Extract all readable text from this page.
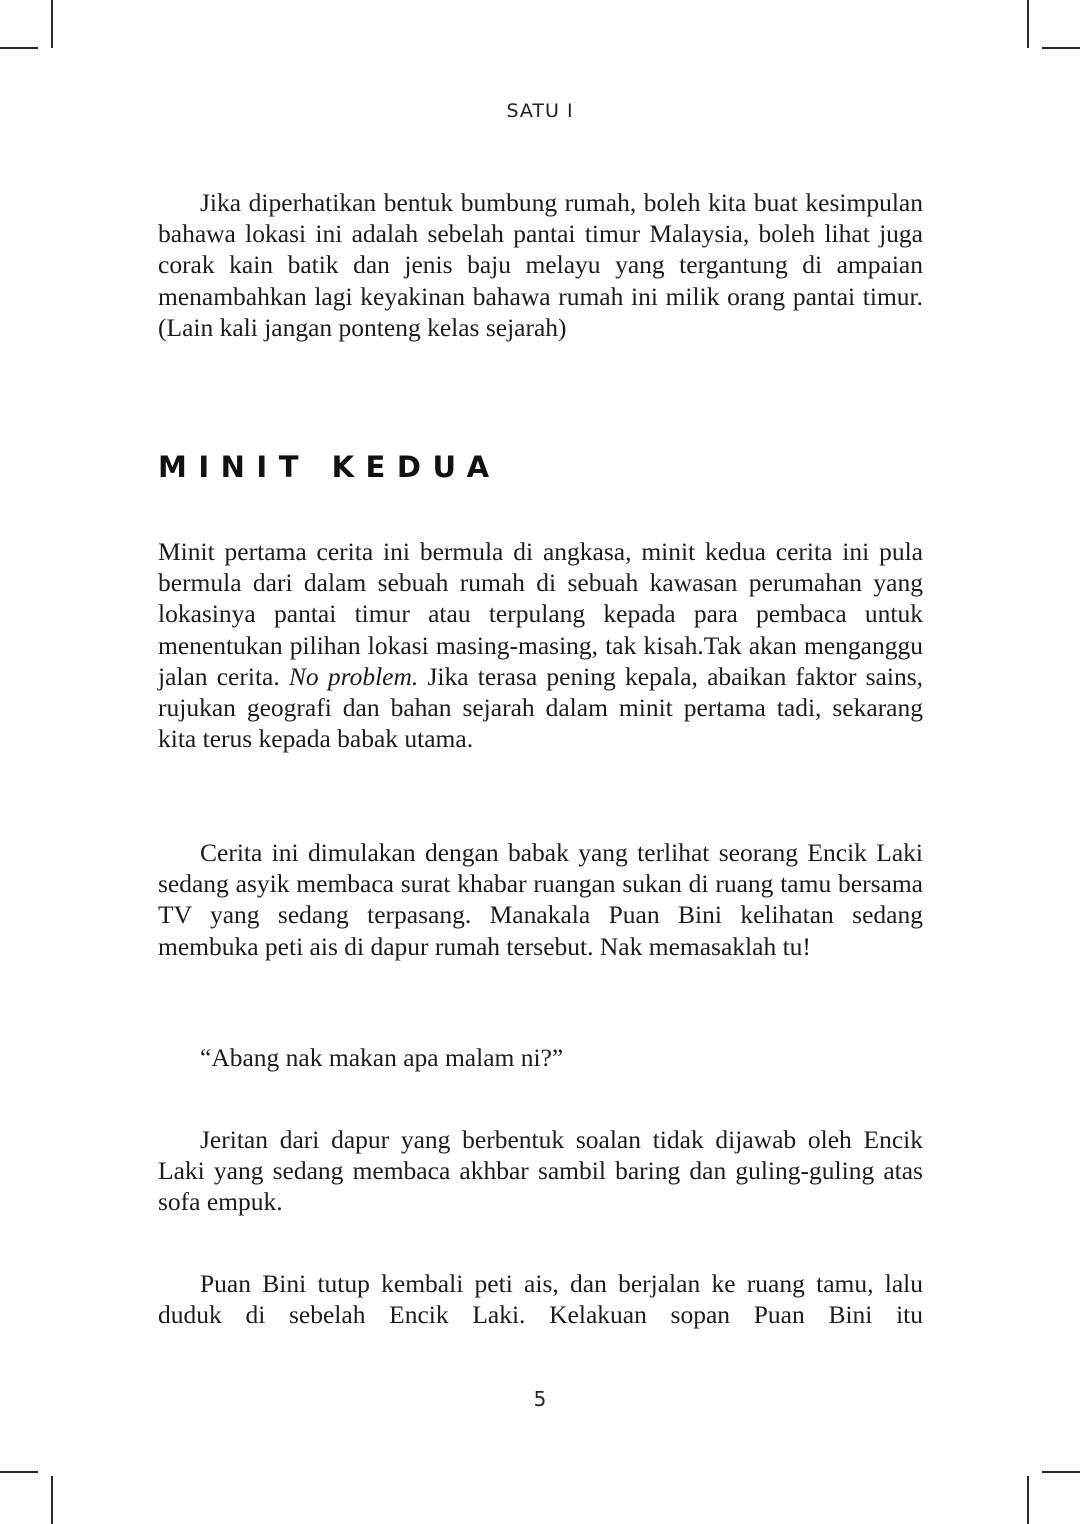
SATU I

Jika diperhatikan bentuk bumbung rumah, boleh kita buat kesimpulan bahawa lokasi ini adalah sebelah pantai timur Malaysia, boleh lihat juga corak kain batik dan jenis baju melayu yang tergantung di ampaian menambahkan lagi keyakinan bahawa rumah ini milik orang pantai timur. (Lain kali jangan ponteng kelas sejarah)

MINIT KEDUA

Minit pertama cerita ini bermula di angkasa, minit kedua cerita ini pula bermula dari dalam sebuah rumah di sebuah kawasan perumahan yang lokasinya pantai timur atau terpulang kepada para pembaca untuk menentukan pilihan lokasi masing-masing, tak kisah.Tak akan menganggu jalan cerita. No problem. Jika terasa pening kepala, abaikan faktor sains, rujukan geografi dan bahan sejarah dalam minit pertama tadi, sekarang kita terus kepada babak utama.

Cerita ini dimulakan dengan babak yang terlihat seorang Encik Laki sedang asyik membaca surat khabar ruangan sukan di ruang tamu bersama TV yang sedang terpasang. Manakala Puan Bini kelihatan sedang membuka peti ais di dapur rumah tersebut. Nak memasaklah tu!

“Abang nak makan apa malam ni?”

Jeritan dari dapur yang berbentuk soalan tidak dijawab oleh Encik Laki yang sedang membaca akhbar sambil baring dan guling-guling atas sofa empuk.

Puan Bini tutup kembali peti ais, dan berjalan ke ruang tamu, lalu duduk di sebelah Encik Laki. Kelakuan sopan Puan Bini itu

5
